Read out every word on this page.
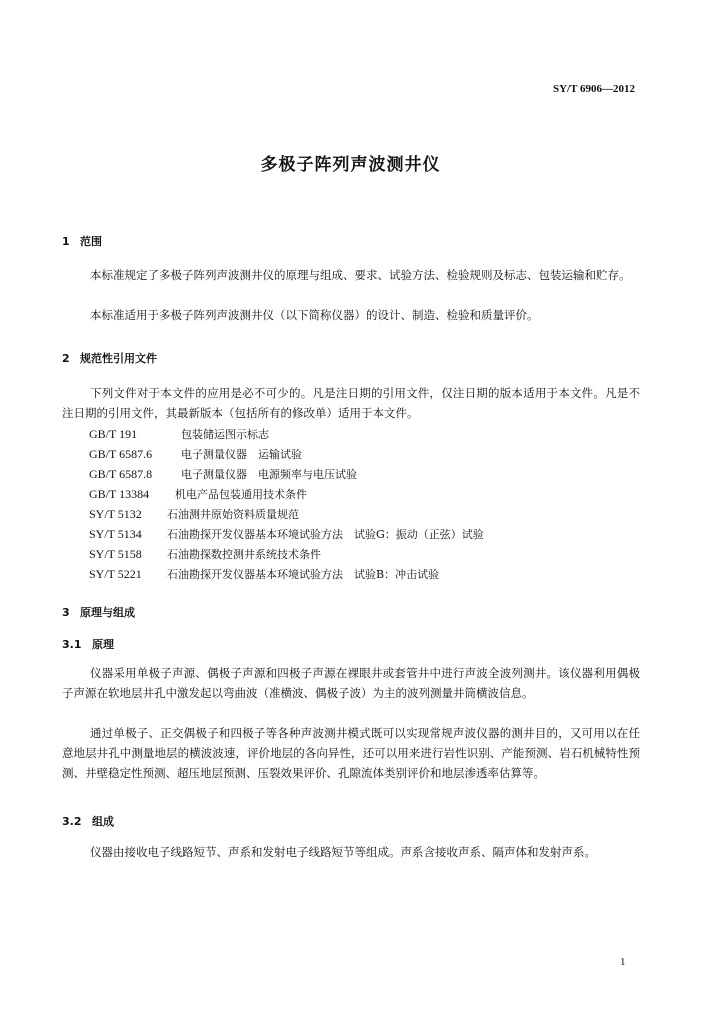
SY/T 6906—2012
多极子阵列声波测井仪
1 范围
本标准规定了多极子阵列声波测井仪的原理与组成、要求、试验方法、检验规则及标志、包装运输和贮存。
本标准适用于多极子阵列声波测井仪（以下简称仪器）的设计、制造、检验和质量评价。
2 规范性引用文件
下列文件对于本文件的应用是必不可少的。凡是注日期的引用文件，仅注日期的版本适用于本文件。凡是不注日期的引用文件，其最新版本（包括所有的修改单）适用于本文件。
GB/T 191	包装储运图示标志
GB/T 6587.6	电子测量仪器　运输试验
GB/T 6587.8	电子测量仪器　电源频率与电压试验
GB/T 13384 机电产品包装通用技术条件
SY/T 5132 石油测井原始资料质量规范
SY/T 5134 石油勘探开发仪器基本环境试验方法　试验G：振动（正弦）试验
SY/T 5158 石油勘探数控测井系统技术条件
SY/T 5221 石油勘探开发仪器基本环境试验方法　试验B：冲击试验
3 原理与组成
3.1 原理
仪器采用单极子声源、偶极子声源和四极子声源在裸眼井或套管井中进行声波全波列测井。该仪器利用偶极子声源在软地层井孔中激发起以弯曲波（准横波、偶极子波）为主的波列测量井筒横波信息。
通过单极子、正交偶极子和四极子等各种声波测井模式既可以实现常规声波仪器的测井目的，又可用以在任意地层井孔中测量地层的横波波速，评价地层的各向异性，还可以用来进行岩性识别、产能预测、岩石机械特性预测、井壁稳定性预测、超压地层预测、压裂效果评价、孔隙流体类别评价和地层渗透率估算等。
3.2 组成
仪器由接收电子线路短节、声系和发射电子线路短节等组成。声系含接收声系、隔声体和发射声系。
1
